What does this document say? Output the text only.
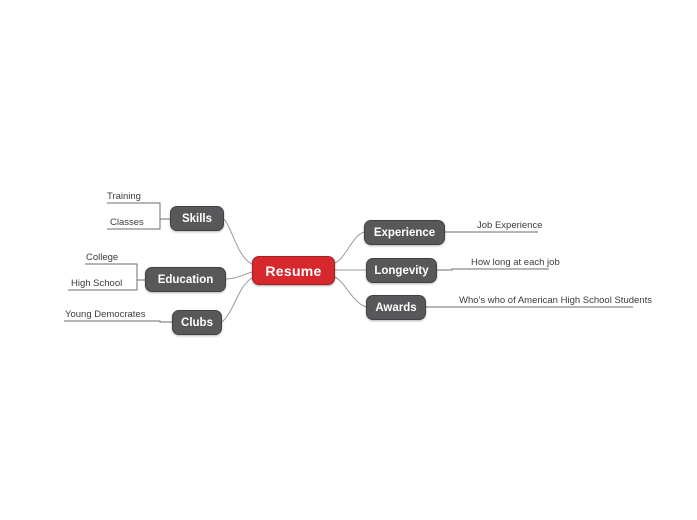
Resume
Skills
Education
Clubs
Experience
Longevity
Awards
Training
Classes
College
High School
Young Democrates
Job Experience
How long at each job
Who's who of American High School Students
